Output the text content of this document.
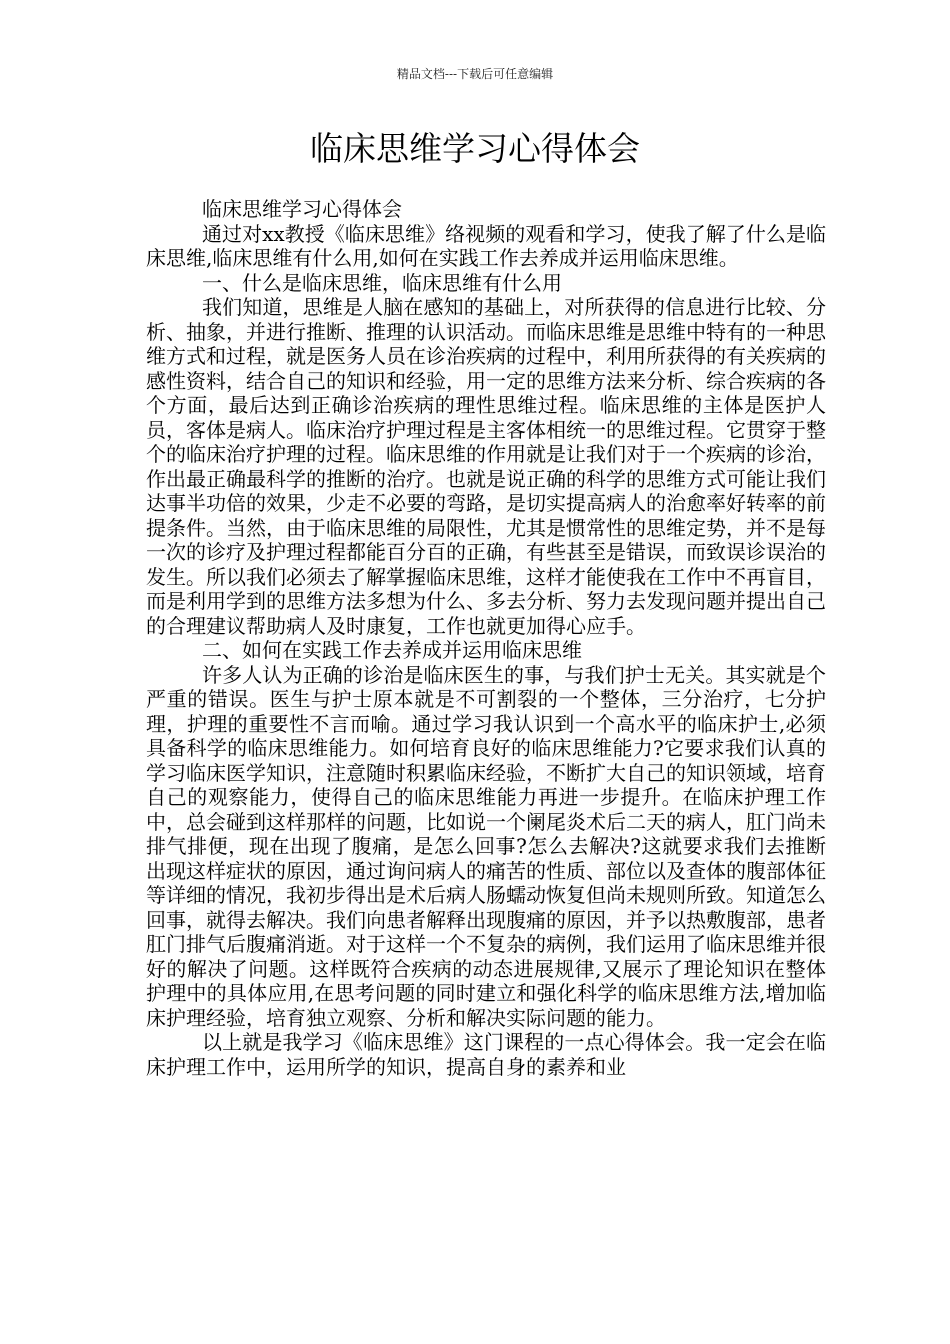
精品文档---下载后可任意编辑
临床思维学习心得体会

临床思维学习心得体会

通过对xx教授《临床思维》络视频的观看和学习，使我了解了什么是临床思维,临床思维有什么用,如何在实践工作去养成并运用临床思维。

一、什么是临床思维，临床思维有什么用

我们知道，思维是人脑在感知的基础上，对所获得的信息进行比较、分析、抽象，并进行推断、推理的认识活动。而临床思维是思维中特有的一种思维方式和过程，就是医务人员在诊治疾病的过程中，利用所获得的有关疾病的感性资料，结合自己的知识和经验，用一定的思维方法来分析、综合疾病的各个方面，最后达到正确诊治疾病的理性思维过程。临床思维的主体是医护人员，客体是病人。临床治疗护理过程是主客体相统一的思维过程。它贯穿于整个的临床治疗护理的过程。临床思维的作用就是让我们对于一个疾病的诊治，作出最正确最科学的推断的治疗。也就是说正确的科学的思维方式可能让我们达事半功倍的效果，少走不必要的弯路，是切实提高病人的治愈率好转率的前提条件。当然，由于临床思维的局限性，尤其是惯常性的思维定势，并不是每一次的诊疗及护理过程都能百分百的正确，有些甚至是错误，而致误诊误治的发生。所以我们必须去了解掌握临床思维，这样才能使我在工作中不再盲目，而是利用学到的思维方法多想为什么、多去分析、努力去发现问题并提出自己的合理建议帮助病人及时康复，工作也就更加得心应手。

二、如何在实践工作去养成并运用临床思维

许多人认为正确的诊治是临床医生的事，与我们护士无关。其实就是个严重的错误。医生与护士原本就是不可割裂的一个整体，三分治疗，七分护理，护理的重要性不言而喻。通过学习我认识到一个高水平的临床护士,必须具备科学的临床思维能力。如何培育良好的临床思维能力?它要求我们认真的学习临床医学知识，注意随时积累临床经验，不断扩大自己的知识领域，培育自己的观察能力，使得自己的临床思维能力再进一步提升。在临床护理工作中，总会碰到这样那样的问题，比如说一个阑尾炎术后二天的病人，肛门尚未排气排便，现在出现了腹痛，是怎么回事?怎么去解决?这就要求我们去推断出现这样症状的原因，通过询问病人的痛苦的性质、部位以及查体的腹部体征等详细的情况，我初步得出是术后病人肠蠕动恢复但尚未规则所致。知道怎么回事，就得去解决。我们向患者解释出现腹痛的原因，并予以热敷腹部，患者肛门排气后腹痛消逝。对于这样一个不复杂的病例，我们运用了临床思维并很好的解决了问题。这样既符合疾病的动态进展规律,又展示了理论知识在整体护理中的具体应用,在思考问题的同时建立和强化科学的临床思维方法,增加临床护理经验，培育独立观察、分析和解决实际问题的能力。

以上就是我学习《临床思维》这门课程的一点心得体会。我一定会在临床护理工作中，运用所学的知识，提高自身的素养和业
